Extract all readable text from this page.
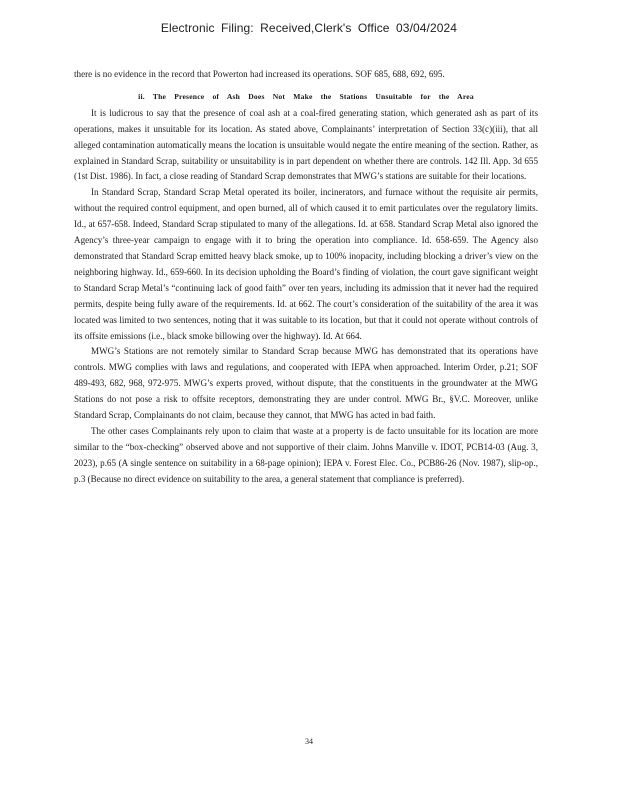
Electronic Filing: Received,Clerk's Office 03/04/2024

there is no evidence in the record that Powerton had increased its operations. SOF 685, 688, 692, 695.

ii. The Presence of Ash Does Not Make the Stations Unsuitable for the Area

It is ludicrous to say that the presence of coal ash at a coal-fired generating station, which generated ash as part of its operations, makes it unsuitable for its location. As stated above, Complainants’ interpretation of Section 33(c)(iii), that all alleged contamination automatically means the location is unsuitable would negate the entire meaning of the section. Rather, as explained in Standard Scrap, suitability or unsuitability is in part dependent on whether there are controls. 142 Ill. App. 3d 655 (1st Dist. 1986). In fact, a close reading of Standard Scrap demonstrates that MWG’s stations are suitable for their locations.

In Standard Scrap, Standard Scrap Metal operated its boiler, incinerators, and furnace without the requisite air permits, without the required control equipment, and open burned, all of which caused it to emit particulates over the regulatory limits. Id., at 657-658. Indeed, Standard Scrap stipulated to many of the allegations. Id. at 658. Standard Scrap Metal also ignored the Agency’s three-year campaign to engage with it to bring the operation into compliance. Id. 658-659. The Agency also demonstrated that Standard Scrap emitted heavy black smoke, up to 100% inopacity, including blocking a driver’s view on the neighboring highway. Id., 659-660. In its decision upholding the Board’s finding of violation, the court gave significant weight to Standard Scrap Metal’s “continuing lack of good faith” over ten years, including its admission that it never had the required permits, despite being fully aware of the requirements. Id. at 662. The court’s consideration of the suitability of the area it was located was limited to two sentences, noting that it was suitable to its location, but that it could not operate without controls of its offsite emissions (i.e., black smoke billowing over the highway). Id. At 664.

MWG’s Stations are not remotely similar to Standard Scrap because MWG has demonstrated that its operations have controls. MWG complies with laws and regulations, and cooperated with IEPA when approached. Interim Order, p.21; SOF 489-493, 682, 968, 972-975. MWG’s experts proved, without dispute, that the constituents in the groundwater at the MWG Stations do not pose a risk to offsite receptors, demonstrating they are under control. MWG Br., §V.C. Moreover, unlike Standard Scrap, Complainants do not claim, because they cannot, that MWG has acted in bad faith.

The other cases Complainants rely upon to claim that waste at a property is de facto unsuitable for its location are more similar to the “box-checking” observed above and not supportive of their claim. Johns Manville v. IDOT, PCB14-03 (Aug. 3, 2023), p.65 (A single sentence on suitability in a 68-page opinion); IEPA v. Forest Elec. Co., PCB86-26 (Nov. 1987), slip-op., p.3 (Because no direct evidence on suitability to the area, a general statement that compliance is preferred).

34
